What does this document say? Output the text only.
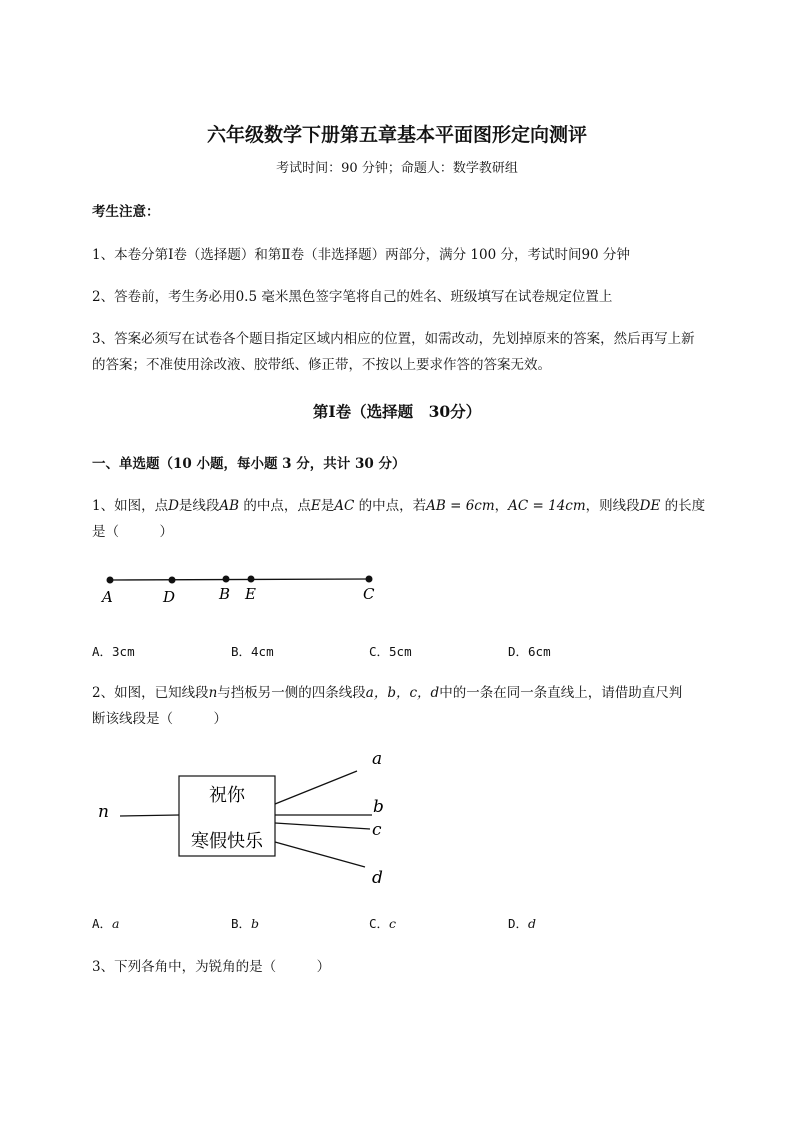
六年级数学下册第五章基本平面图形定向测评
考试时间：90 分钟；命题人：数学教研组
考生注意：
1、本卷分第Ⅰ卷（选择题）和第Ⅱ卷（非选择题）两部分，满分 100 分，考试时间90 分钟
2、答卷前，考生务必用0.5 毫米黑色签字笔将自己的姓名、班级填写在试卷规定位置上
3、答案必须写在试卷各个题目指定区域内相应的位置，如需改动，先划掉原来的答案，然后再写上新
的答案；不准使用涂改液、胶带纸、修正带，不按以上要求作答的答案无效。
第Ⅰ卷（选择题　30分）
一、单选题（10 小题，每小题 3 分，共计 30 分）
1、如图，点D是线段AB 的中点，点E是AC 的中点，若AB = 6cm，AC = 14cm，则线段DE 的长度
是（　　　）
A	D	B E	C
A．3cm	B．4cm	C．5cm	D．6cm
2、如图，已知线段n与挡板另一侧的四条线段a，b，c，d中的一条在同一条直线上，请借助直尺判
断该线段是（　　　）
祝你
寒假快乐
n
a
b
c
d
A．a	B．b	C．c	D．d
3、下列各角中，为锐角的是（　　　）
